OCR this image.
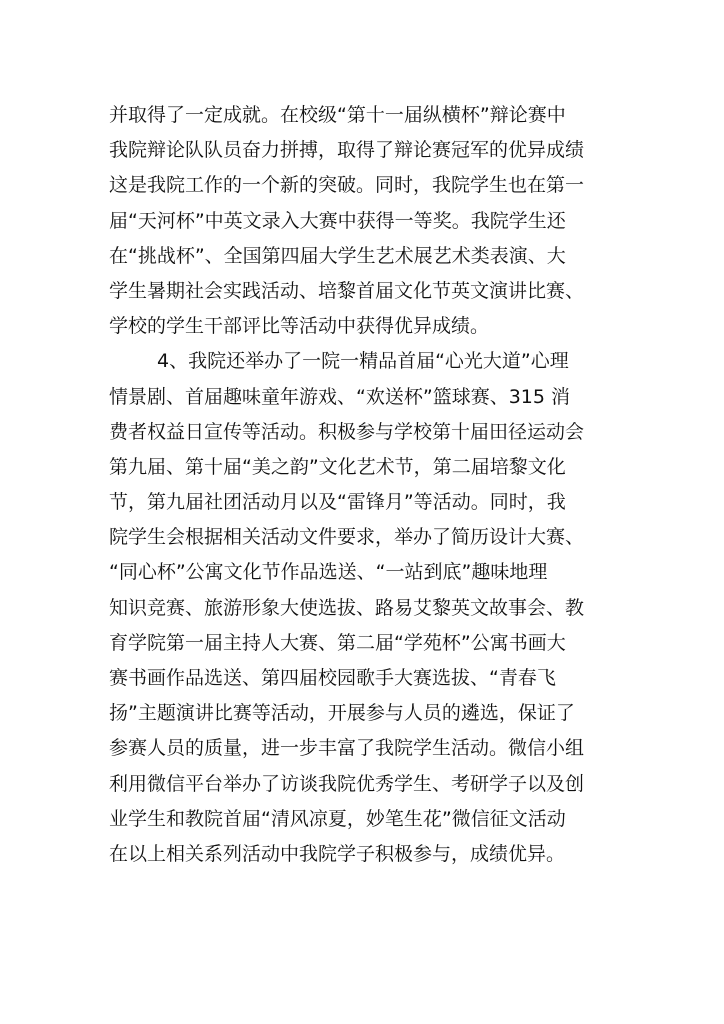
并取得了一定成就。在校级“第十一届纵横杯”辩论赛中
我院辩论队队员奋力拼搏，取得了辩论赛冠军的优异成绩
这是我院工作的一个新的突破。同时，我院学生也在第一
届“天河杯”中英文录入大赛中获得一等奖。我院学生还
在“挑战杯”、全国第四届大学生艺术展艺术类表演、大
学生暑期社会实践活动、培黎首届文化节英文演讲比赛、
学校的学生干部评比等活动中获得优异成绩。
4、我院还举办了一院一精品首届“心光大道”心理
情景剧、首届趣味童年游戏、“欢送杯”篮球赛、315 消
费者权益日宣传等活动。积极参与学校第十届田径运动会
第九届、第十届“美之韵”文化艺术节，第二届培黎文化
节，第九届社团活动月以及“雷锋月”等活动。同时，我
院学生会根据相关活动文件要求，举办了简历设计大赛、
“同心杯”公寓文化节作品选送、“一站到底”趣味地理
知识竞赛、旅游形象大使选拔、路易艾黎英文故事会、教
育学院第一届主持人大赛、第二届“学苑杯”公寓书画大
赛书画作品选送、第四届校园歌手大赛选拔、“青春飞
扬”主题演讲比赛等活动，开展参与人员的遴选，保证了
参赛人员的质量，进一步丰富了我院学生活动。微信小组
利用微信平台举办了访谈我院优秀学生、考研学子以及创
业学生和教院首届“清风凉夏，妙笔生花”微信征文活动
在以上相关系列活动中我院学子积极参与，成绩优异。
